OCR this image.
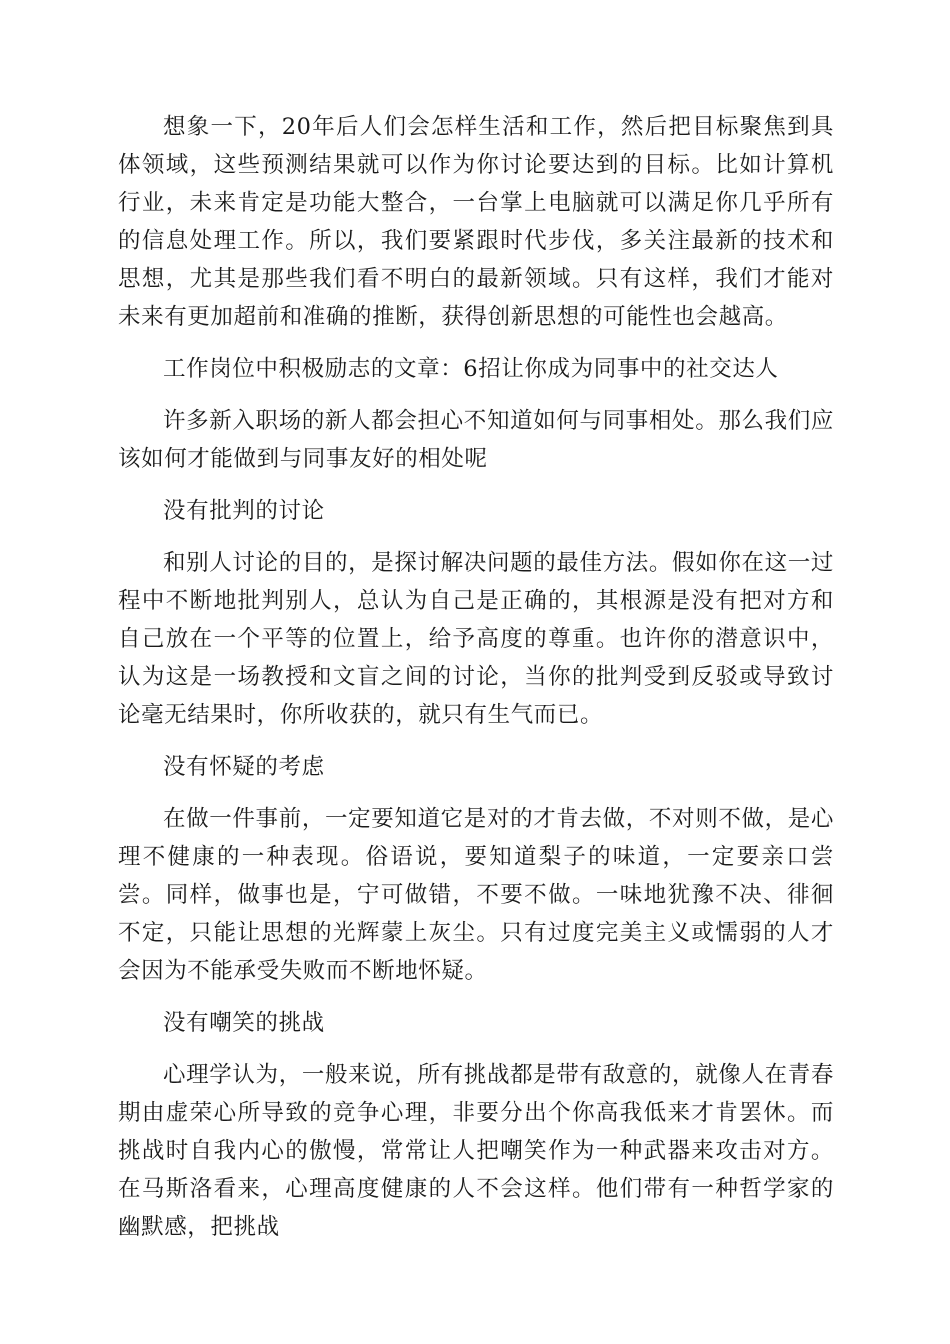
想象一下，20年后人们会怎样生活和工作，然后把目标聚焦到具体领域，这些预测结果就可以作为你讨论要达到的目标。比如计算机行业，未来肯定是功能大整合，一台掌上电脑就可以满足你几乎所有的信息处理工作。所以，我们要紧跟时代步伐，多关注最新的技术和思想，尤其是那些我们看不明白的最新领域。只有这样，我们才能对未来有更加超前和准确的推断，获得创新思想的可能性也会越高。

工作岗位中积极励志的文章：6招让你成为同事中的社交达人

许多新入职场的新人都会担心不知道如何与同事相处。那么我们应该如何才能做到与同事友好的相处呢

没有批判的讨论

和别人讨论的目的，是探讨解决问题的最佳方法。假如你在这一过程中不断地批判别人，总认为自己是正确的，其根源是没有把对方和自己放在一个平等的位置上，给予高度的尊重。也许你的潜意识中，认为这是一场教授和文盲之间的讨论，当你的批判受到反驳或导致讨论毫无结果时，你所收获的，就只有生气而已。

没有怀疑的考虑

在做一件事前，一定要知道它是对的才肯去做，不对则不做，是心理不健康的一种表现。俗语说，要知道梨子的味道，一定要亲口尝尝。同样，做事也是，宁可做错，不要不做。一味地犹豫不决、徘徊不定，只能让思想的光辉蒙上灰尘。只有过度完美主义或懦弱的人才会因为不能承受失败而不断地怀疑。

没有嘲笑的挑战

心理学认为，一般来说，所有挑战都是带有敌意的，就像人在青春期由虚荣心所导致的竞争心理，非要分出个你高我低来才肯罢休。而挑战时自我内心的傲慢，常常让人把嘲笑作为一种武器来攻击对方。在马斯洛看来，心理高度健康的人不会这样。他们带有一种哲学家的幽默感，把挑战
